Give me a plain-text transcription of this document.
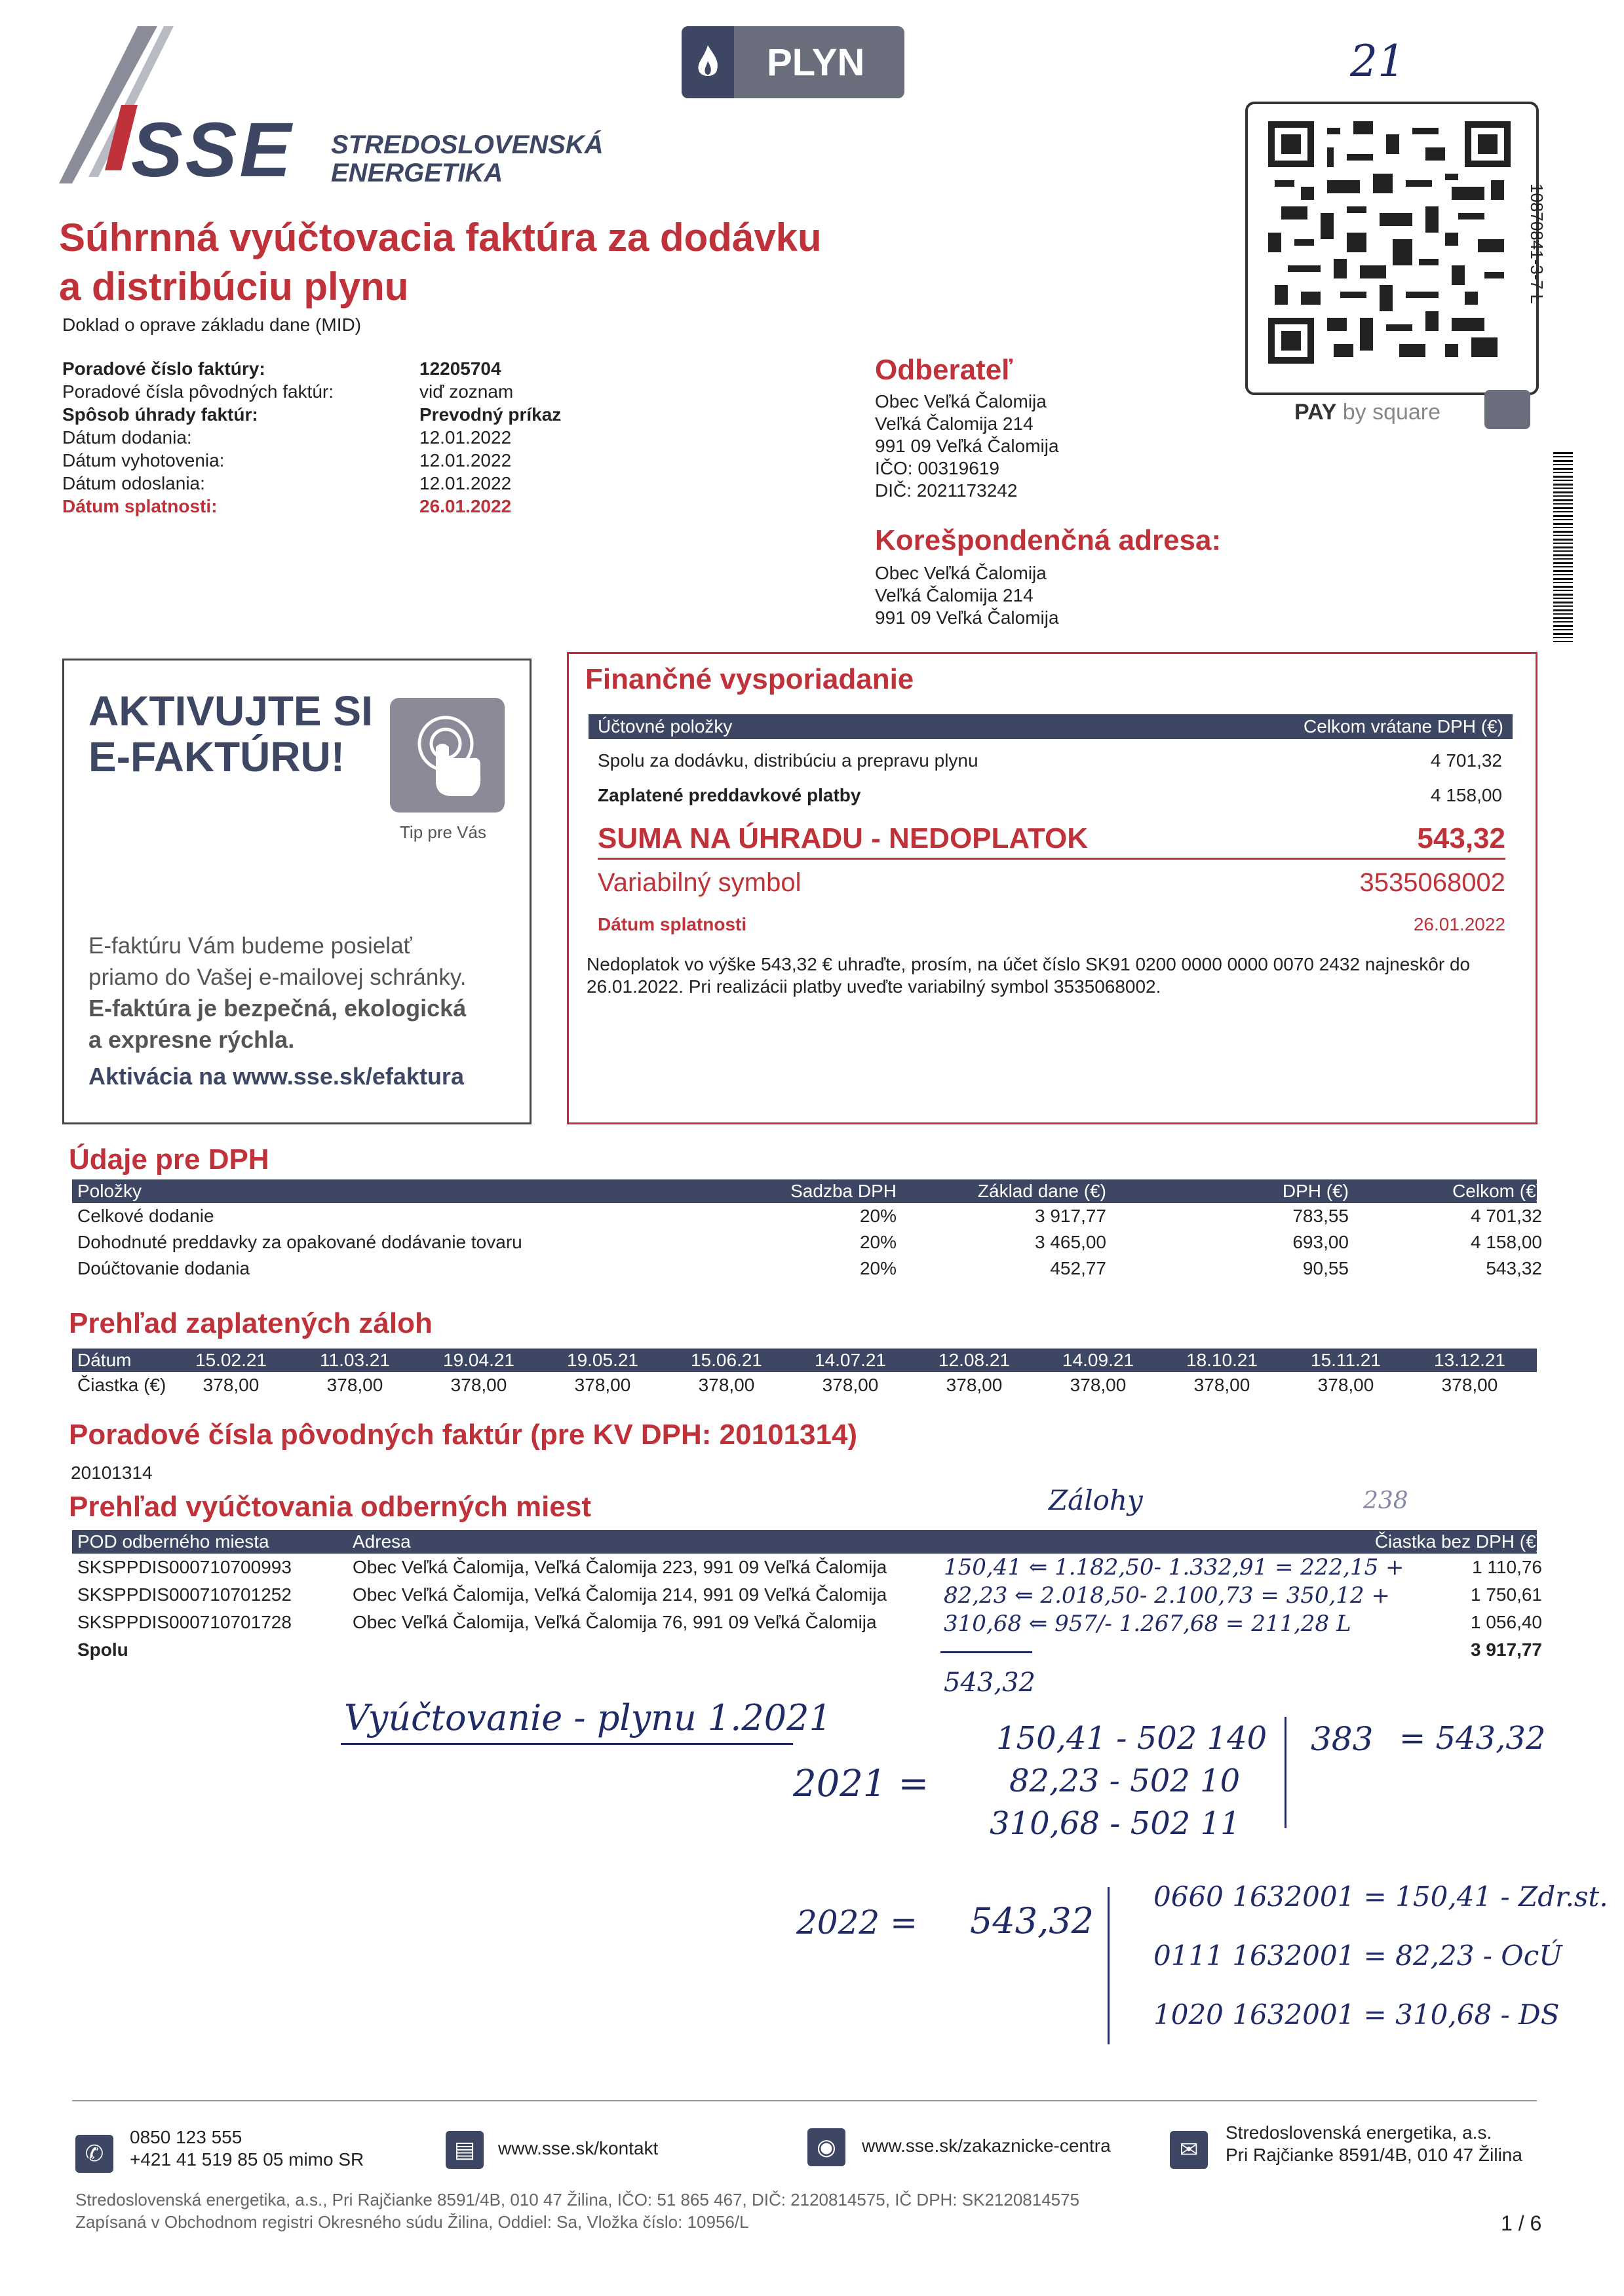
SSE STREDOSLOVENSKÁ
ENERGETIKA
PLYN	21
Súhrnná vyúčtovacia faktúra za dodávku
a distribúciu plynu
Doklad o oprave základu dane (MID)
Poradové číslo faktúry:	12205704
Poradové čísla pôvodných faktúr:	viď zoznam
Spôsob úhrady faktúr:	Prevodný príkaz
Dátum dodania:	12.01.2022
Dátum vyhotovenia:	12.01.2022
Dátum odoslania:	12.01.2022
Dátum splatnosti:	26.01.2022
Odberateľ
Obec Veľká Čalomija
Veľká Čalomija 214
991 09 Veľká Čalomija
IČO: 00319619
DIČ: 2021173242
Korešpondenčná adresa:
Obec Veľká Čalomija
Veľká Čalomija 214
991 09 Veľká Čalomija
PAY by square
10870841-3-7 L
AKTIVUJTE SI
E-FAKTÚRU!
Tip pre Vás
E-faktúru Vám budeme posielať
priamo do Vašej e-mailovej schránky.
E-faktúra je bezpečná, ekologická
a expresne rýchla.
Aktivácia na www.sse.sk/efaktura
Finančné vysporiadanie
Účtovné položky	Celkom vrátane DPH (€)
Spolu za dodávku, distribúciu a prepravu plynu	4 701,32
Zaplatené preddavkové platby	4 158,00
SUMA NA ÚHRADU - NEDOPLATOK	543,32
Variabilný symbol	3535068002
Dátum splatnosti	26.01.2022
Nedoplatok vo výške 543,32 € uhraďte, prosím, na účet číslo SK91 0200 0000 0000 0070 2432 najneskôr do 26.01.2022. Pri realizácii platby uveďte variabilný symbol 3535068002.
Údaje pre DPH
Položky	Sadzba DPH	Základ dane (€)	DPH (€)	Celkom (€)
Celkové dodanie	20%	3 917,77	783,55	4 701,32
Dohodnuté preddavky za opakované dodávanie tovaru	20%	3 465,00	693,00	4 158,00
Doúčtovanie dodania	20%	452,77	90,55	543,32
Prehľad zaplatených záloh
Dátum	15.02.21	11.03.21	19.04.21	19.05.21	15.06.21	14.07.21	12.08.21	14.09.21	18.10.21	15.11.21	13.12.21
Čiastka (€)	378,00	378,00	378,00	378,00	378,00	378,00	378,00	378,00	378,00	378,00	378,00
Poradové čísla pôvodných faktúr (pre KV DPH: 20101314)
20101314
Prehľad vyúčtovania odberných miest
POD odberného miesta	Adresa	Čiastka bez DPH (€)
SKSPPDIS000710700993	Obec Veľká Čalomija, Veľká Čalomija 223, 991 09 Veľká Čalomija	1 110,76
SKSPPDIS000710701252	Obec Veľká Čalomija, Veľká Čalomija 214, 991 09 Veľká Čalomija	1 750,61
SKSPPDIS000710701728	Obec Veľká Čalomija, Veľká Čalomija 76, 991 09 Veľká Čalomija	1 056,40
Spolu	3 917,77
Zálohy	238
150,41 ⇐ 1.182,50- 1.332,91 = 222,15 +
82,23 ⇐ 2.018,50- 2.100,73 = 350,12 +
310,68 ⇐ 957/- 1.267,68 = 211,28 L
543,32
Vyúčtovanie - plynu 1.2021
2021 =
150,41 - 502 140
82,23 - 502 10
310,68 - 502 11
383 = 543,32
2022 = 543,32
0660 1632001 = 150,41 - Zdr.st.
0111 1632001 = 82,23 - OcÚ
1020 1632001 = 310,68 - DS
✆
0850 123 555
+421 41 519 85 05 mimo SR	▤	www.sse.sk/kontakt	◉	www.sse.sk/zakaznicke-centra	✉
Stredoslovenská energetika, a.s.
Pri Rajčianke 8591/4B, 010 47 Žilina
Stredoslovenská energetika, a.s., Pri Rajčianke 8591/4B, 010 47 Žilina, IČO: 51 865 467, DIČ: 2120814575, IČ DPH: SK2120814575
Zapísaná v Obchodnom registri Okresného súdu Žilina, Oddiel: Sa, Vložka číslo: 10956/L	1 / 6
